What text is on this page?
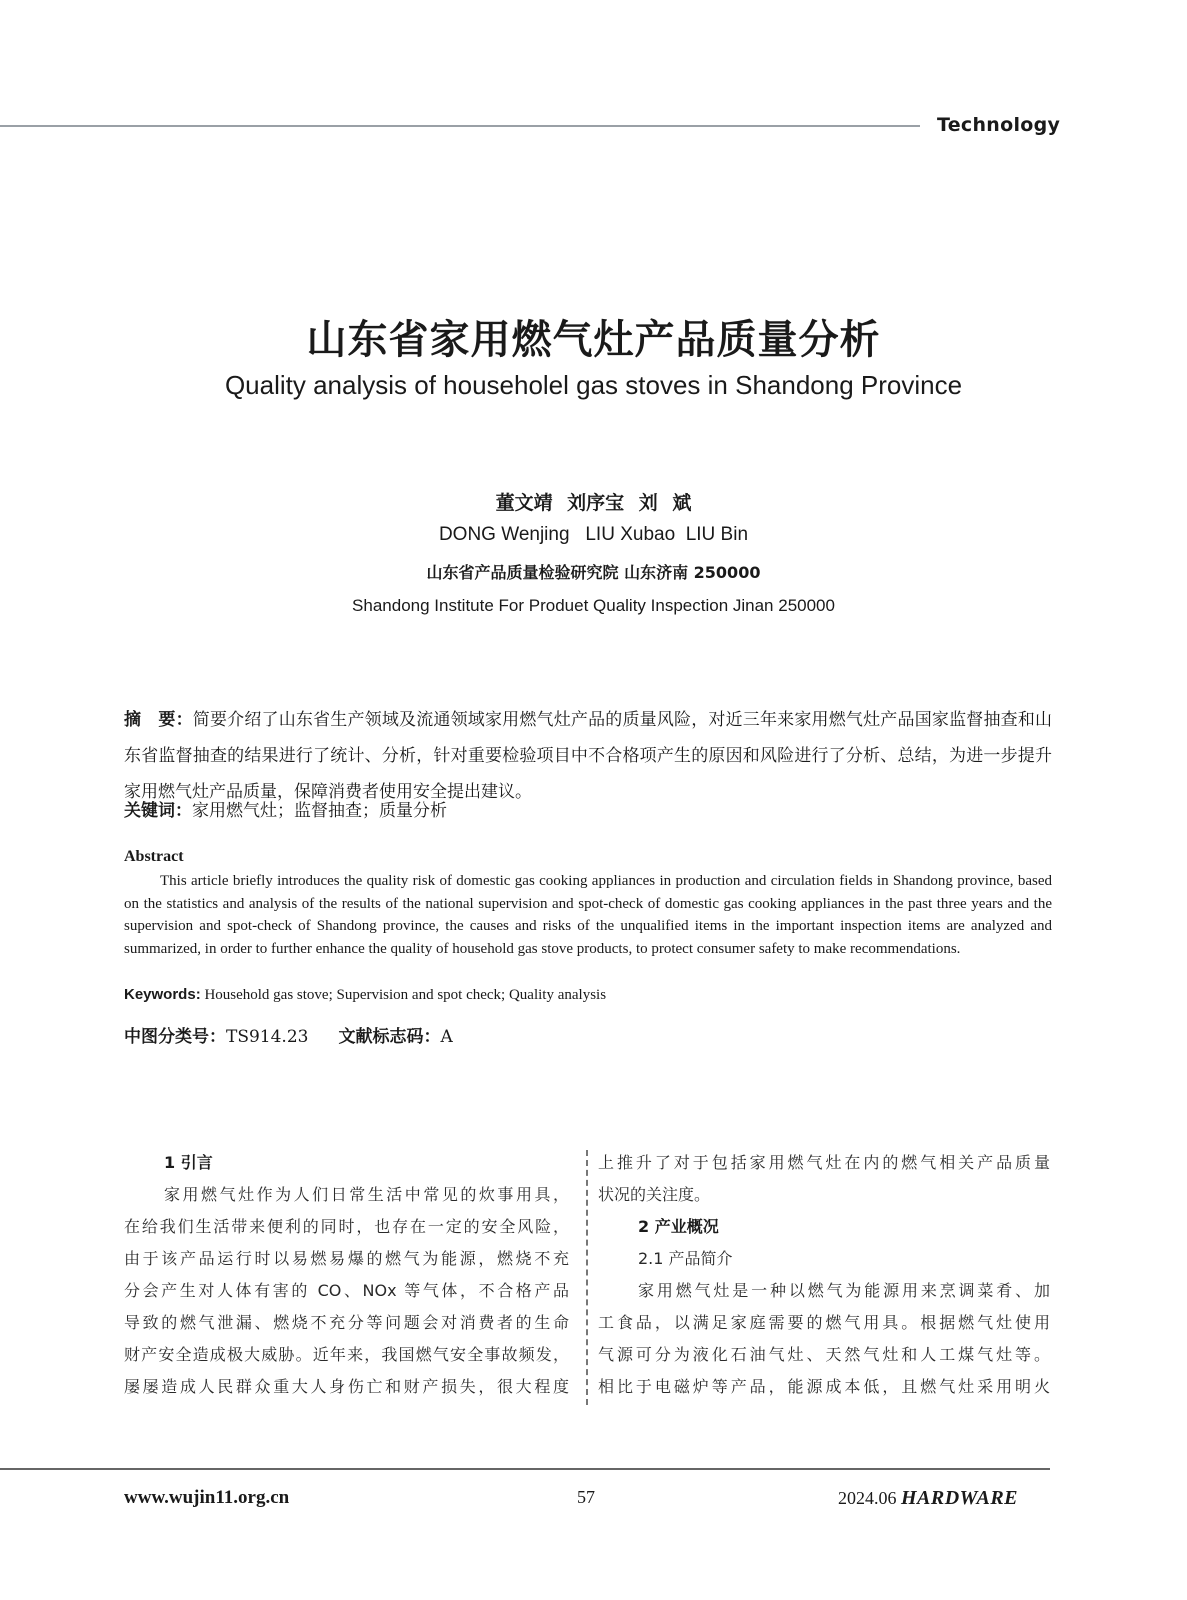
Technology
山东省家用燃气灶产品质量分析
Quality analysis of householel gas stoves in Shandong Province
董文靖 刘序宝 刘 斌
DONG Wenjing   LIU Xubao  LIU Bin
山东省产品质量检验研究院 山东济南 250000
Shandong Institute For Produet Quality Inspection Jinan 250000
摘　要：简要介绍了山东省生产领域及流通领域家用燃气灶产品的质量风险，对近三年来家用燃气灶产品国家监督抽查和山东省监督抽查的结果进行了统计、分析，针对重要检验项目中不合格项产生的原因和风险进行了分析、总结，为进一步提升家用燃气灶产品质量，保障消费者使用安全提出建议。
关键词：家用燃气灶；监督抽查；质量分析
Abstract
This article briefly introduces the quality risk of domestic gas cooking appliances in production and circulation fields in Shandong province, based on the statistics and analysis of the results of the national supervision and spot-check of domestic gas cooking appliances in the past three years and the supervision and spot-check of Shandong province, the causes and risks of the unqualified items in the important inspection items are analyzed and summarized, in order to further enhance the quality of household gas stove products, to protect consumer safety to make recommendations.
Keywords: Household gas stove; Supervision and spot check; Quality analysis
中图分类号：TS914.23 文献标志码：A
1 引言
家用燃气灶作为人们日常生活中常见的炊事用具，
在给我们生活带来便利的同时，也存在一定的安全风险，
由于该产品运行时以易燃易爆的燃气为能源，燃烧不充
分会产生对人体有害的 CO、NOx 等气体，不合格产品
导致的燃气泄漏、燃烧不充分等问题会对消费者的生命
财产安全造成极大威胁。近年来，我国燃气安全事故频发，
屡屡造成人民群众重大人身伤亡和财产损失，很大程度
上推升了对于包括家用燃气灶在内的燃气相关产品质量
状况的关注度。
2 产业概况
2.1 产品简介
家用燃气灶是一种以燃气为能源用来烹调菜肴、加
工食品，以满足家庭需要的燃气用具。根据燃气灶使用
气源可分为液化石油气灶、天然气灶和人工煤气灶等。
相比于电磁炉等产品，能源成本低，且燃气灶采用明火
www.wujin11.org.cn	57	2024.06 HARDWARE
